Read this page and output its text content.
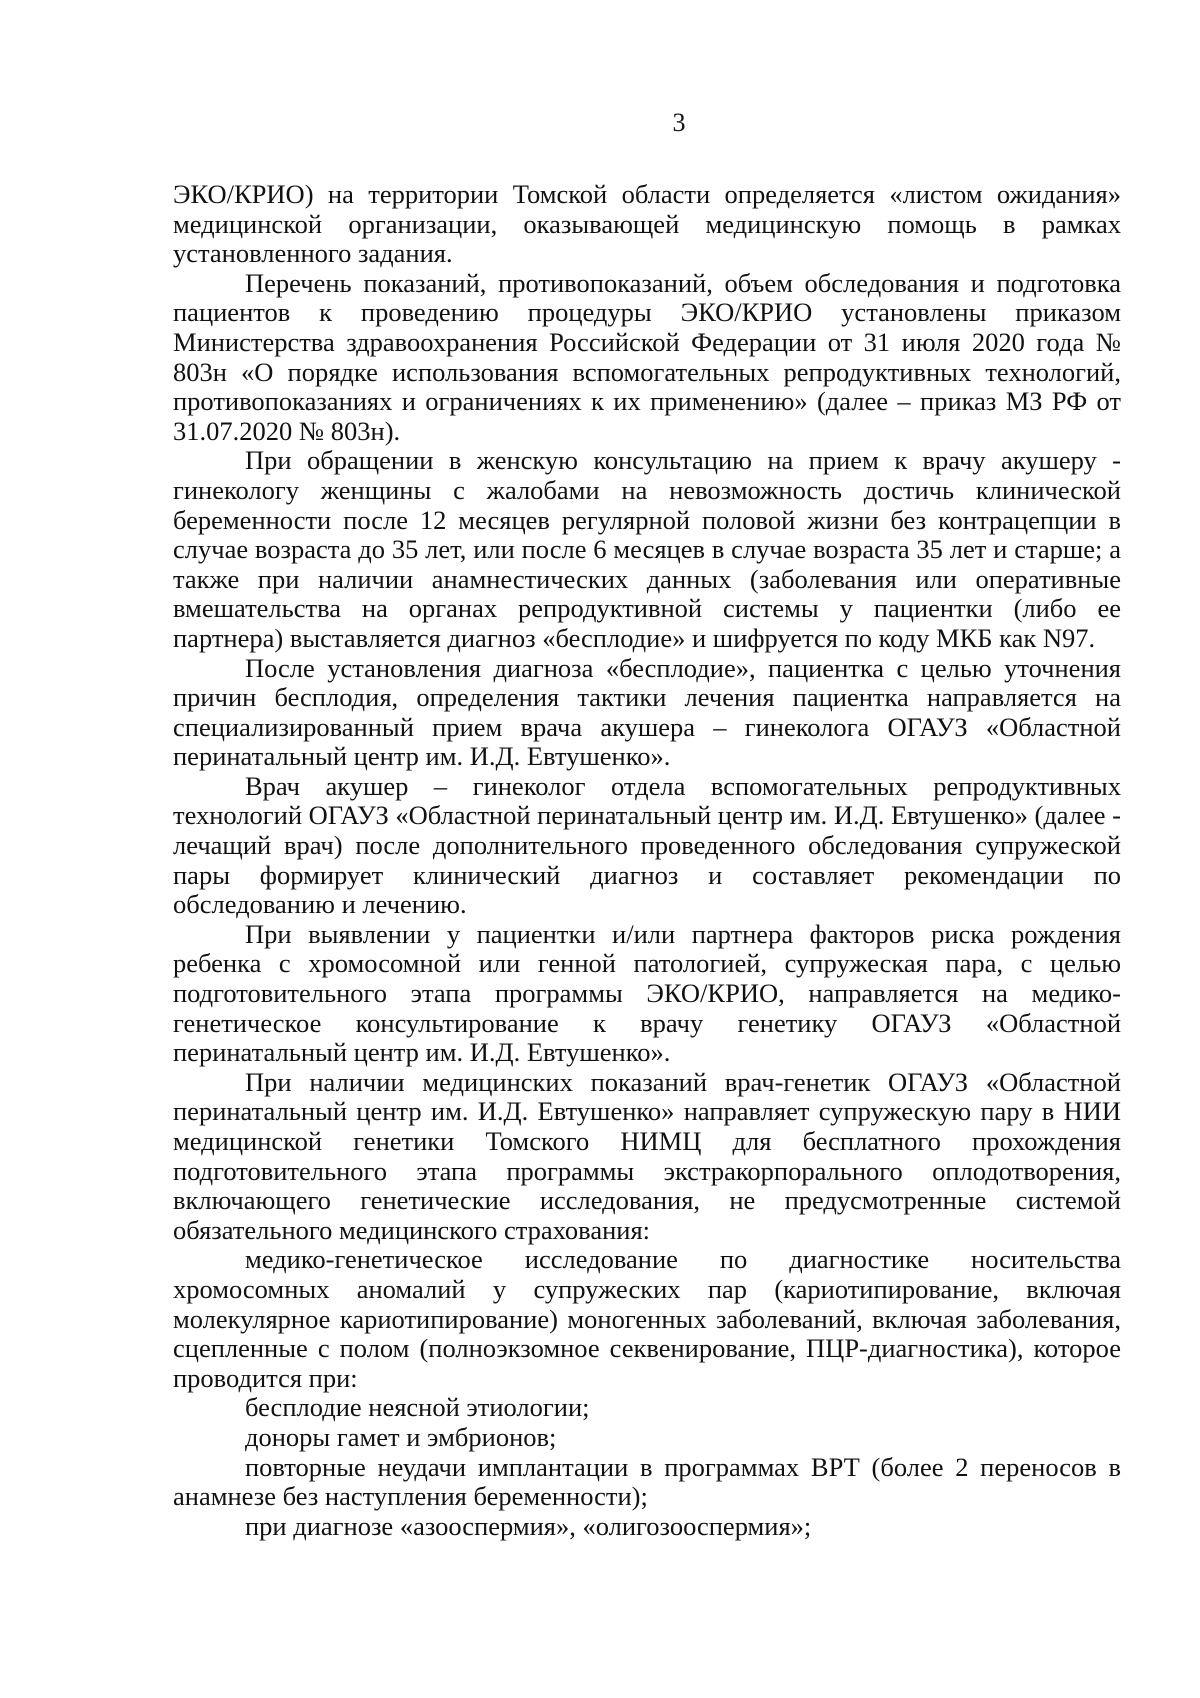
3

ЭКО/КРИО) на территории Томской области определяется «листом ожидания» медицинской организации, оказывающей медицинскую помощь в рамках установленного задания.

Перечень показаний, противопоказаний, объем обследования и подготовка пациентов к проведению процедуры ЭКО/КРИО установлены приказом Министерства здравоохранения Российской Федерации от 31 июля 2020 года № 803н «О порядке использования вспомогательных репродуктивных технологий, противопоказаниях и ограничениях к их применению» (далее – приказ МЗ РФ от 31.07.2020 № 803н).

При обращении в женскую консультацию на прием к врачу акушеру - гинекологу женщины с жалобами на невозможность достичь клинической беременности после 12 месяцев регулярной половой жизни без контрацепции в случае возраста до 35 лет, или после 6 месяцев в случае возраста 35 лет и старше; а также при наличии анамнестических данных (заболевания или оперативные вмешательства на органах репродуктивной системы у пациентки (либо ее партнера) выставляется диагноз «бесплодие» и шифруется по коду МКБ как N97.

После установления диагноза «бесплодие», пациентка с целью уточнения причин бесплодия, определения тактики лечения пациентка направляется на специализированный прием врача акушера – гинеколога ОГАУЗ «Областной перинатальный центр им. И.Д. Евтушенко».

Врач акушер – гинеколог отдела вспомогательных репродуктивных технологий ОГАУЗ «Областной перинатальный центр им. И.Д. Евтушенко» (далее - лечащий врач) после дополнительного проведенного обследования супружеской пары формирует клинический диагноз и составляет рекомендации по обследованию и лечению.

При выявлении у пациентки и/или партнера факторов риска рождения ребенка с хромосомной или генной патологией, супружеская пара, с целью подготовительного этапа программы ЭКО/КРИО, направляется на медико-генетическое консультирование к врачу генетику ОГАУЗ «Областной перинатальный центр им. И.Д. Евтушенко».

При наличии медицинских показаний врач-генетик ОГАУЗ «Областной перинатальный центр им. И.Д. Евтушенко» направляет супружескую пару в НИИ медицинской генетики Томского НИМЦ для бесплатного прохождения подготовительного этапа программы экстракорпорального оплодотворения, включающего генетические исследования, не предусмотренные системой обязательного медицинского страхования:

медико-генетическое исследование по диагностике носительства хромосомных аномалий у супружеских пар (кариотипирование, включая молекулярное кариотипирование) моногенных заболеваний, включая заболевания, сцепленные с полом (полноэкзомное секвенирование, ПЦР-диагностика), которое проводится при:

бесплодие неясной этиологии;

доноры гамет и эмбрионов;

повторные неудачи имплантации в программах ВРТ (более 2 переносов в анамнезе без наступления беременности);

при диагнозе «азооспермия», «олигозооспермия»;
